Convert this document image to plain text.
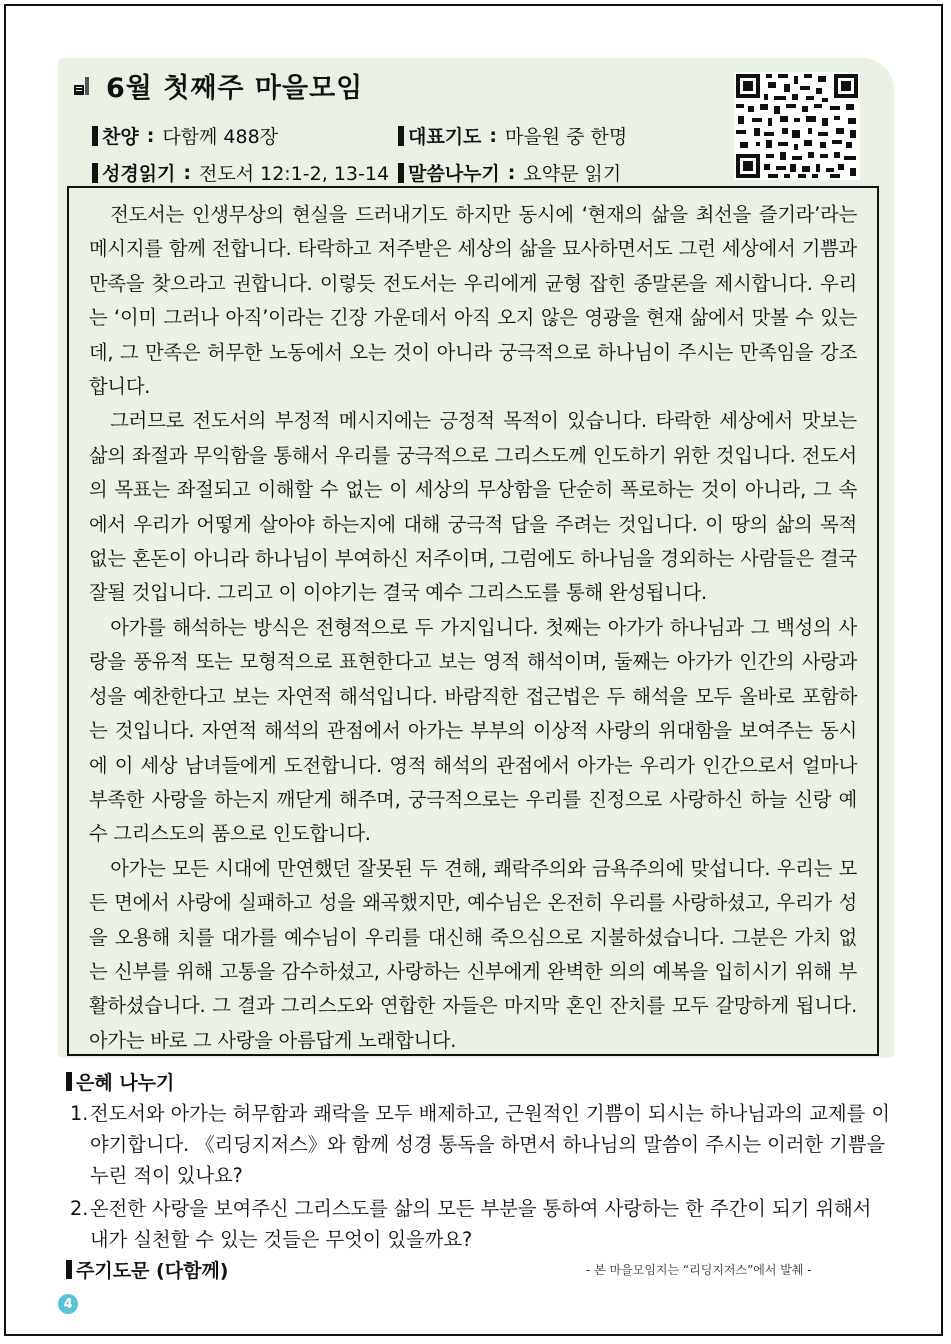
6월 첫째주 마을모임
찬양 : 다함께 488장	대표기도 : 마을원 중 한명
성경읽기 : 전도서 12:1-2, 13-14 말씀나누기 : 요약문 읽기

전도서는 인생무상의 현실을 드러내기도 하지만 동시에 ‘현재의 삶을 최선을 즐기라’라는 메시지를 함께 전합니다. 타락하고 저주받은 세상의 삶을 묘사하면서도 그런 세상에서 기쁨과 만족을 찾으라고 권합니다. 이렇듯 전도서는 우리에게 균형 잡힌 종말론을 제시합니다. 우리는 ‘이미 그러나 아직’이라는 긴장 가운데서 아직 오지 않은 영광을 현재 삶에서 맛볼 수 있는데, 그 만족은 허무한 노동에서 오는 것이 아니라 궁극적으로 하나님이 주시는 만족임을 강조합니다.

그러므로 전도서의 부정적 메시지에는 긍정적 목적이 있습니다. 타락한 세상에서 맛보는 삶의 좌절과 무익함을 통해서 우리를 궁극적으로 그리스도께 인도하기 위한 것입니다. 전도서의 목표는 좌절되고 이해할 수 없는 이 세상의 무상함을 단순히 폭로하는 것이 아니라, 그 속에서 우리가 어떻게 살아야 하는지에 대해 궁극적 답을 주려는 것입니다. 이 땅의 삶의 목적 없는 혼돈이 아니라 하나님이 부여하신 저주이며, 그럼에도 하나님을 경외하는 사람들은 결국 잘될 것입니다. 그리고 이 이야기는 결국 예수 그리스도를 통해 완성됩니다.

아가를 해석하는 방식은 전형적으로 두 가지입니다. 첫째는 아가가 하나님과 그 백성의 사랑을 풍유적 또는 모형적으로 표현한다고 보는 영적 해석이며, 둘째는 아가가 인간의 사랑과 성을 예찬한다고 보는 자연적 해석입니다. 바람직한 접근법은 두 해석을 모두 올바로 포함하는 것입니다. 자연적 해석의 관점에서 아가는 부부의 이상적 사랑의 위대함을 보여주는 동시에 이 세상 남녀들에게 도전합니다. 영적 해석의 관점에서 아가는 우리가 인간으로서 얼마나 부족한 사랑을 하는지 깨닫게 해주며, 궁극적으로는 우리를 진정으로 사랑하신 하늘 신랑 예수 그리스도의 품으로 인도합니다.

아가는 모든 시대에 만연했던 잘못된 두 견해, 쾌락주의와 금욕주의에 맞섭니다. 우리는 모든 면에서 사랑에 실패하고 성을 왜곡했지만, 예수님은 온전히 우리를 사랑하셨고, 우리가 성을 오용해 치를 대가를 예수님이 우리를 대신해 죽으심으로 지불하셨습니다. 그분은 가치 없는 신부를 위해 고통을 감수하셨고, 사랑하는 신부에게 완벽한 의의 예복을 입히시기 위해 부활하셨습니다. 그 결과 그리스도와 연합한 자들은 마지막 혼인 잔치를 모두 갈망하게 됩니다. 아가는 바로 그 사랑을 아름답게 노래합니다.

은혜 나누기
1. 전도서와 아가는 허무함과 쾌락을 모두 배제하고, 근원적인 기쁨이 되시는 하나님과의 교제를 이야기합니다. 《리딩지저스》와 함께 성경 통독을 하면서 하나님의 말씀이 주시는 이러한 기쁨을 누린 적이 있나요?
2. 온전한 사랑을 보여주신 그리스도를 삶의 모든 부분을 통하여 사랑하는 한 주간이 되기 위해서 내가 실천할 수 있는 것들은 무엇이 있을까요?
주기도문 (다함께)	- 본 마을모임지는 “리딩지저스”에서 발췌 -
4
